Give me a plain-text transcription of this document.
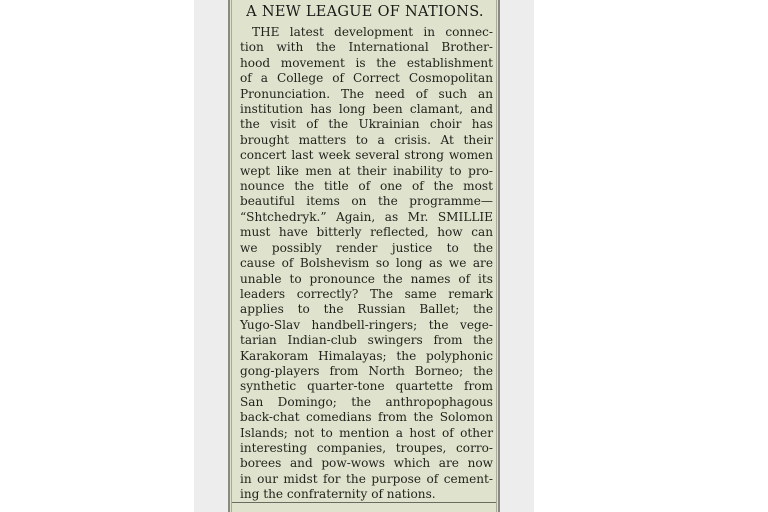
A NEW LEAGUE OF NATIONS.
THE latest development in connec-
tion with the International Brother-
hood movement is the establishment
of a College of Correct Cosmopolitan
Pronunciation. The need of such an
institution has long been clamant, and
the visit of the Ukrainian choir has
brought matters to a crisis. At their
concert last week several strong women
wept like men at their inability to pro-
nounce the title of one of the most
beautiful items on the programme—
“Shtchedryk.” Again, as Mr. SMILLIE
must have bitterly reflected, how can
we possibly render justice to the
cause of Bolshevism so long as we are
unable to pronounce the names of its
leaders correctly? The same remark
applies to the Russian Ballet; the
Yugo-Slav handbell-ringers; the vege-
tarian Indian-club swingers from the
Karakoram Himalayas; the polyphonic
gong-players from North Borneo; the
synthetic quarter-tone quartette from
San Domingo; the anthropophagous
back-chat comedians from the Solomon
Islands; not to mention a host of other
interesting companies, troupes, corro-
borees and pow-wows which are now
in our midst for the purpose of cement-
ing the confraternity of nations.
